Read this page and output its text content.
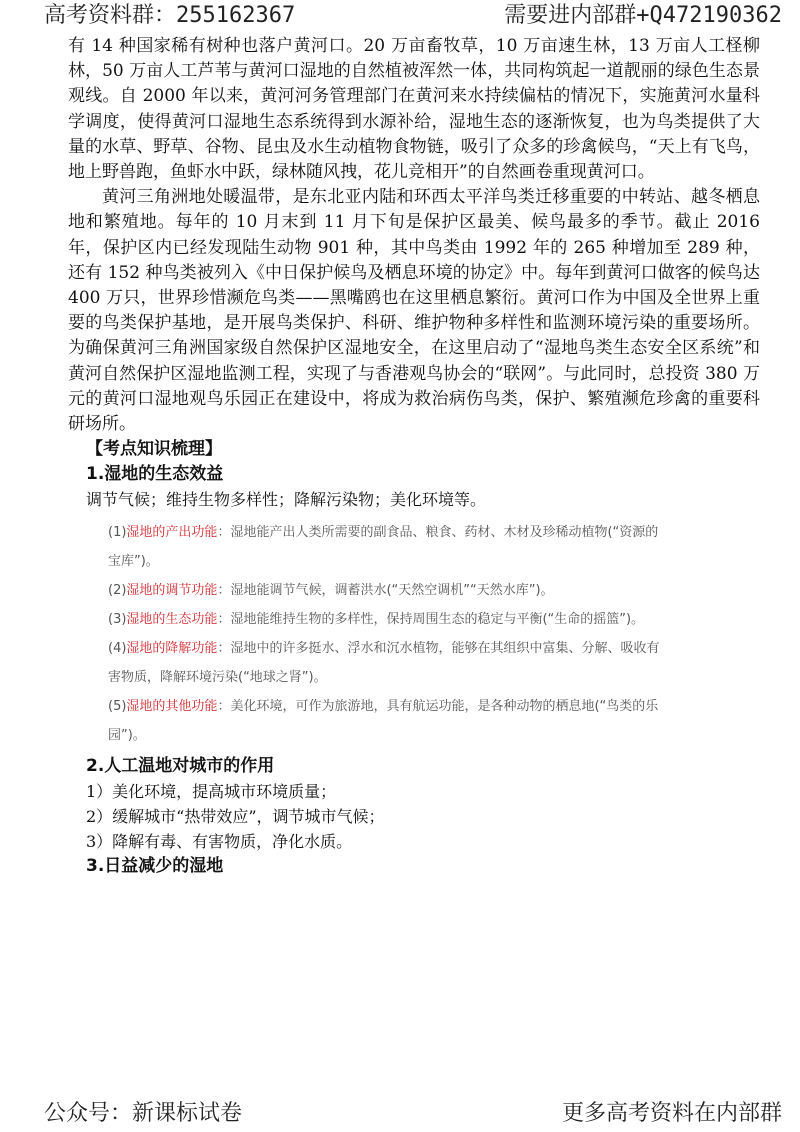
高考资料群：255162367	需要进内部群+Q472190362

有 14 种国家稀有树种也落户黄河口。20 万亩畜牧草，10 万亩速生林，13 万亩人工柽柳林，50 万亩人工芦苇与黄河口湿地的自然植被浑然一体，共同构筑起一道靓丽的绿色生态景观线。自 2000 年以来，黄河河务管理部门在黄河来水持续偏枯的情况下，实施黄河水量科学调度，使得黄河口湿地生态系统得到水源补给，湿地生态的逐渐恢复，也为鸟类提供了大量的水草、野草、谷物、昆虫及水生动植物食物链，吸引了众多的珍禽候鸟，“天上有飞鸟，地上野兽跑，鱼虾水中跃，绿林随风拽，花儿竞相开”的自然画卷重现黄河口。

黄河三角洲地处暖温带，是东北亚内陆和环西太平洋鸟类迁移重要的中转站、越冬栖息地和繁殖地。每年的 10 月末到 11 月下旬是保护区最美、候鸟最多的季节。截止 2016 年，保护区内已经发现陆生动物 901 种，其中鸟类由 1992 年的 265 种增加至 289 种，还有 152 种鸟类被列入《中日保护候鸟及栖息环境的协定》中。每年到黄河口做客的候鸟达 400 万只，世界珍惜濒危鸟类——黑嘴鸥也在这里栖息繁衍。黄河口作为中国及全世界上重要的鸟类保护基地，是开展鸟类保护、科研、维护物种多样性和监测环境污染的重要场所。为确保黄河三角洲国家级自然保护区湿地安全，在这里启动了“湿地鸟类生态安全区系统”和黄河自然保护区湿地监测工程，实现了与香港观鸟协会的“联网”。与此同时，总投资 380 万元的黄河口湿地观鸟乐园正在建设中，将成为救治病伤鸟类，保护、繁殖濒危珍禽的重要科研场所。

【考点知识梳理】

1.湿地的生态效益

调节气候；维持生物多样性；降解污染物；美化环境等。

(1)湿地的产出功能：湿地能产出人类所需要的副食品、粮食、药材、木材及珍稀动植物(“资源的宝库”)。

(2)湿地的调节功能：湿地能调节气候，调蓄洪水(“天然空调机”“天然水库”)。

(3)湿地的生态功能：湿地能维持生物的多样性，保持周围生态的稳定与平衡(“生命的摇篮”)。

(4)湿地的降解功能：湿地中的许多挺水、浮水和沉水植物，能够在其组织中富集、分解、吸收有害物质，降解环境污染(“地球之肾”)。

(5)湿地的其他功能：美化环境，可作为旅游地，具有航运功能，是各种动物的栖息地(“鸟类的乐园”)。

2.人工温地对城市的作用

1）美化环境，提高城市环境质量；

2）缓解城市“热带效应”，调节城市气候；

3）降解有毒、有害物质，净化水质。

3.日益减少的湿地

公众号：新课标试卷	更多高考资料在内部群
